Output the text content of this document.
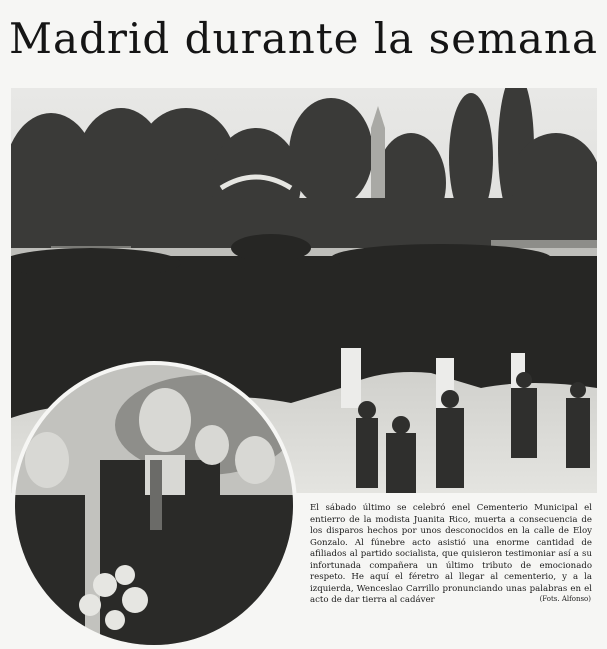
Madrid durante la semana

El sábado último se celebró enel Cementerio Municipal el entierro de la modista Juanita Rico, muerta a consecuencia de los disparos hechos por unos desconocidos en la calle de Eloy Gonzalo. Al fúnebre acto asistió una enorme cantidad de afiliados al partido socialista, que quisieron testimoniar así a su infortunada compañera un último tributo de emocionado respeto. He aquí el féretro al llegar al cementerio, y a la izquierda, Wenceslao Carrillo pronunciando unas palabras en el acto de dar tierra al cadáver	(Fots. Alfonso)
